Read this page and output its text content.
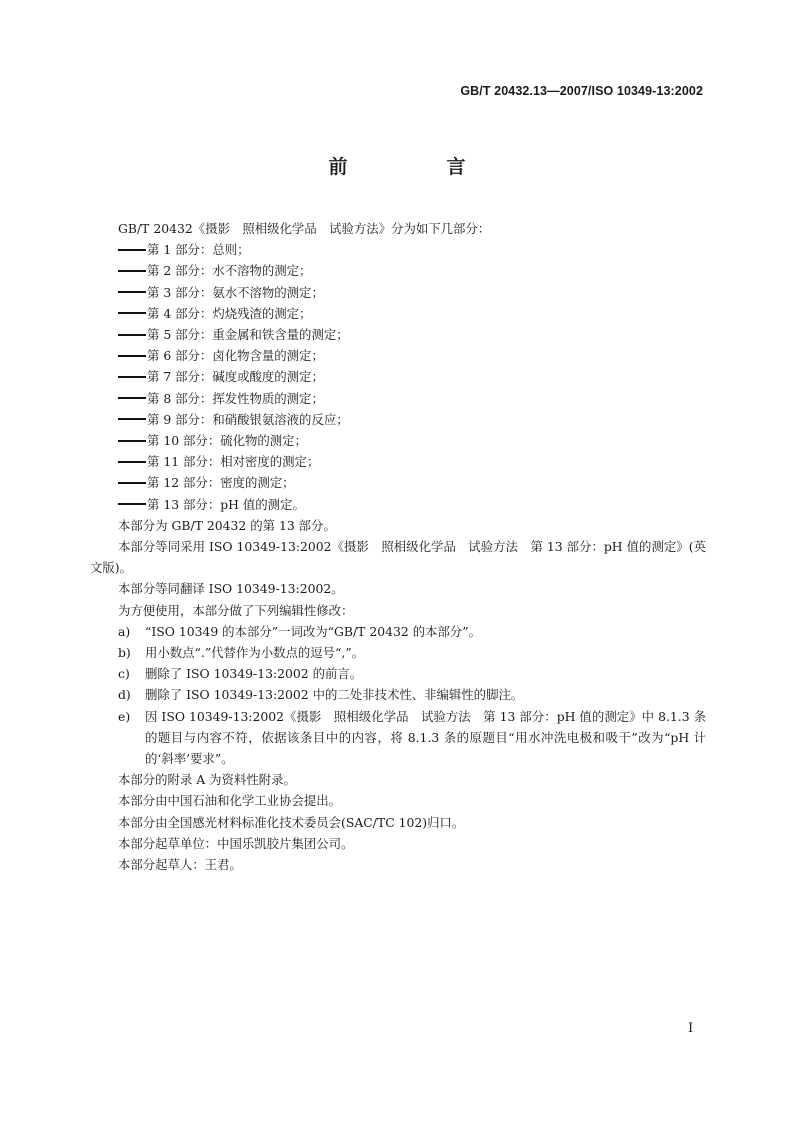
GB/T 20432.13—2007/ISO 10349-13:2002
前　言

GB/T 20432《摄影　照相级化学品　试验方法》分为如下几部分：

第 1 部分：总则；

第 2 部分：水不溶物的测定；

第 3 部分：氨水不溶物的测定；

第 4 部分：灼烧残渣的测定；

第 5 部分：重金属和铁含量的测定；

第 6 部分：卤化物含量的测定；

第 7 部分：碱度或酸度的测定；

第 8 部分：挥发性物质的测定；

第 9 部分：和硝酸银氨溶液的反应；

第 10 部分：硫化物的测定；

第 11 部分：相对密度的测定；

第 12 部分：密度的测定；

第 13 部分：pH 值的测定。

本部分为 GB/T 20432 的第 13 部分。

本部分等同采用 ISO 10349-13:2002《摄影　照相级化学品　试验方法　第 13 部分：pH 值的测定》(英文版)。

本部分等同翻译 ISO 10349-13:2002。

为方便使用，本部分做了下列编辑性修改：

a) “ISO 10349 的本部分”一词改为“GB/T 20432 的本部分”。

b) 用小数点“.”代替作为小数点的逗号“,”。

c) 删除了 ISO 10349-13:2002 的前言。

d) 删除了 ISO 10349-13:2002 中的二处非技术性、非编辑性的脚注。

e) 因 ISO 10349-13:2002《摄影　照相级化学品　试验方法　第 13 部分：pH 值的测定》中 8.1.3 条的题目与内容不符，依据该条目中的内容，将 8.1.3 条的原题目“用水冲洗电极和吸干”改为“pH 计的‘斜率’要求”。

本部分的附录 A 为资料性附录。

本部分由中国石油和化学工业协会提出。

本部分由全国感光材料标准化技术委员会(SAC/TC 102)归口。

本部分起草单位：中国乐凯胶片集团公司。

本部分起草人：王君。

I
